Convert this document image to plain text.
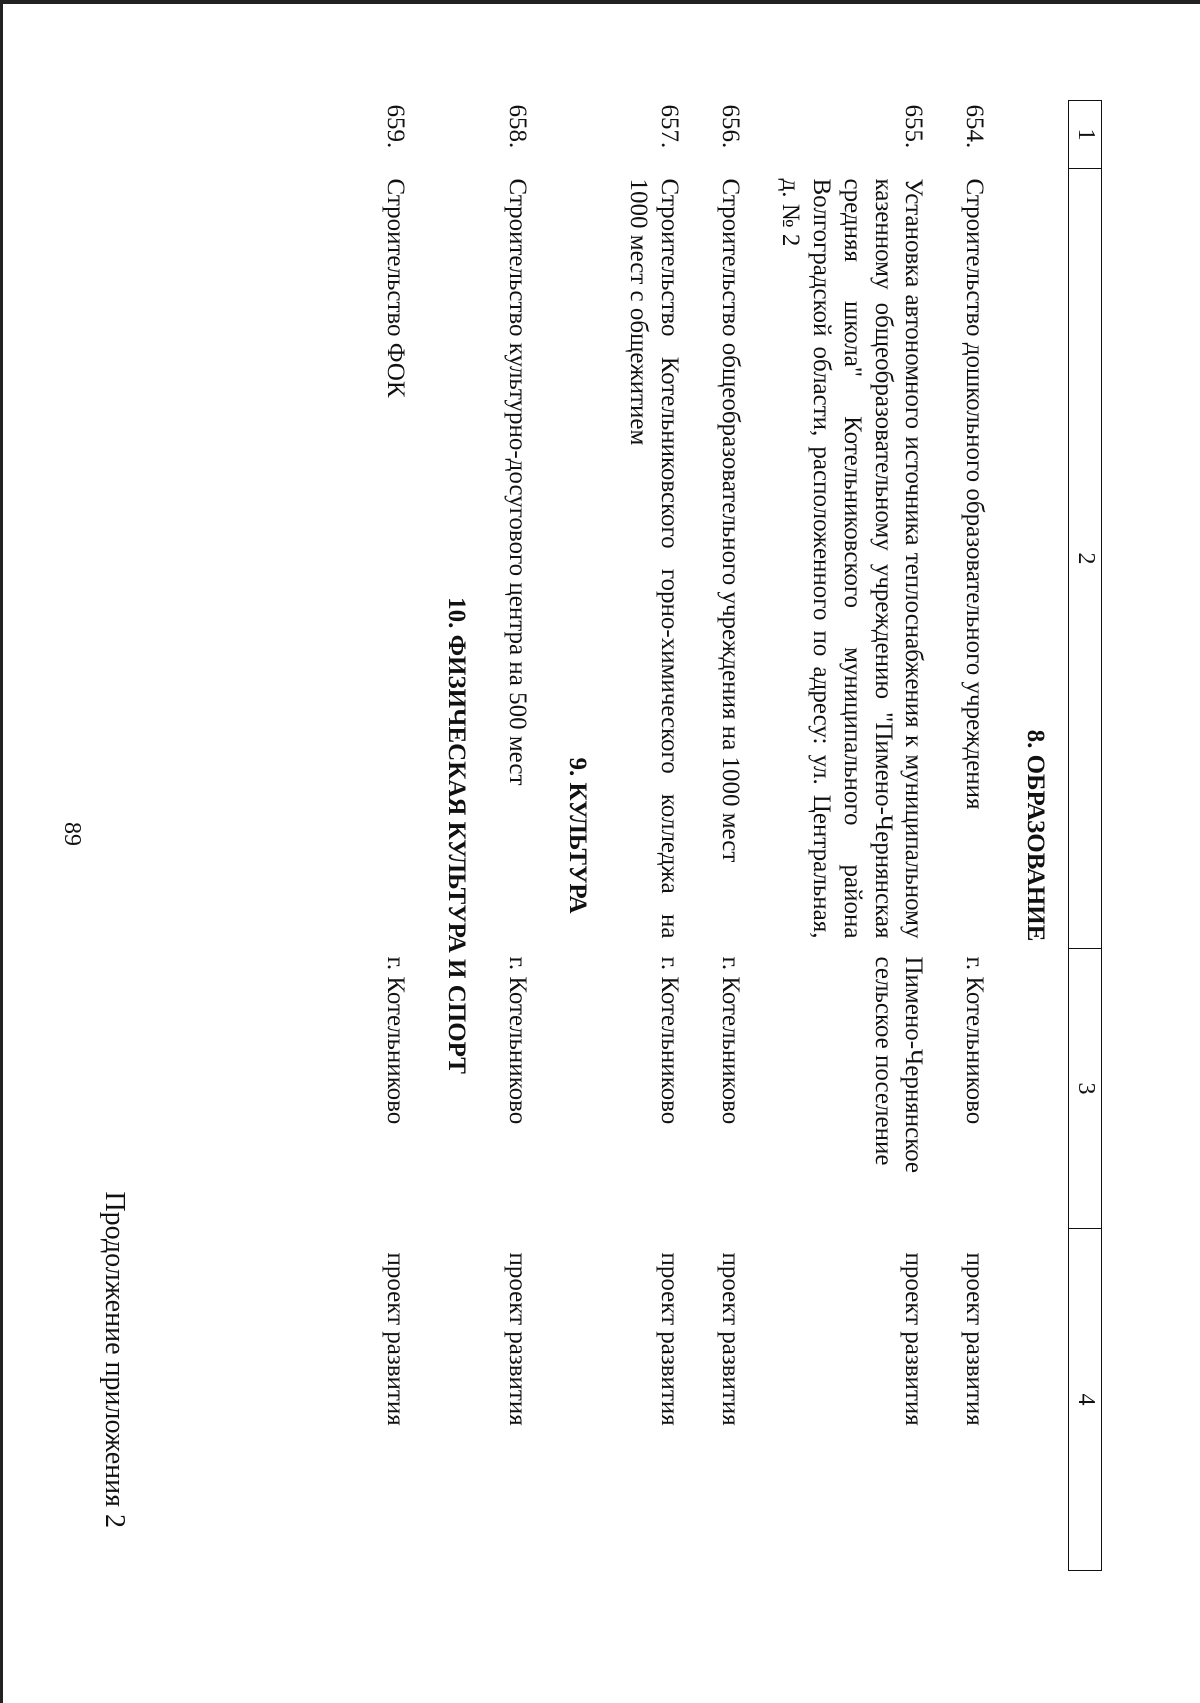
89
Продолжение приложения 2
1	2	3	4
8. ОБРАЗОВАНИЕ			
654.	Строительство дошкольного образовательного учреждения	г. Котельниково	проект развития
655.	Установка автономного источника теплоснабжения к муниципальному казенному общеобразовательному учреждению "Пимено-Чернянская средняя школа" Котельниковского муниципального района Волгоградской области, расположенного по адресу: ул. Центральная, д. № 2	Пимено-Чернянское сельское поселение	проект развития
656.	Строительство общеобразовательного учреждения на 1000 мест	г. Котельниково	проект развития
657.	Строительство Котельниковского горно-химического колледжа на 1000 мест с общежитием	г. Котельниково	проект развития
9. КУЛЬТУРА			
658.	Строительство культурно-досугового центра на 500 мест	г. Котельниково	проект развития
10. ФИЗИЧЕСКАЯ КУЛЬТУРА И СПОРТ			
659.	Строительство ФОК	г. Котельниково	проект развития
